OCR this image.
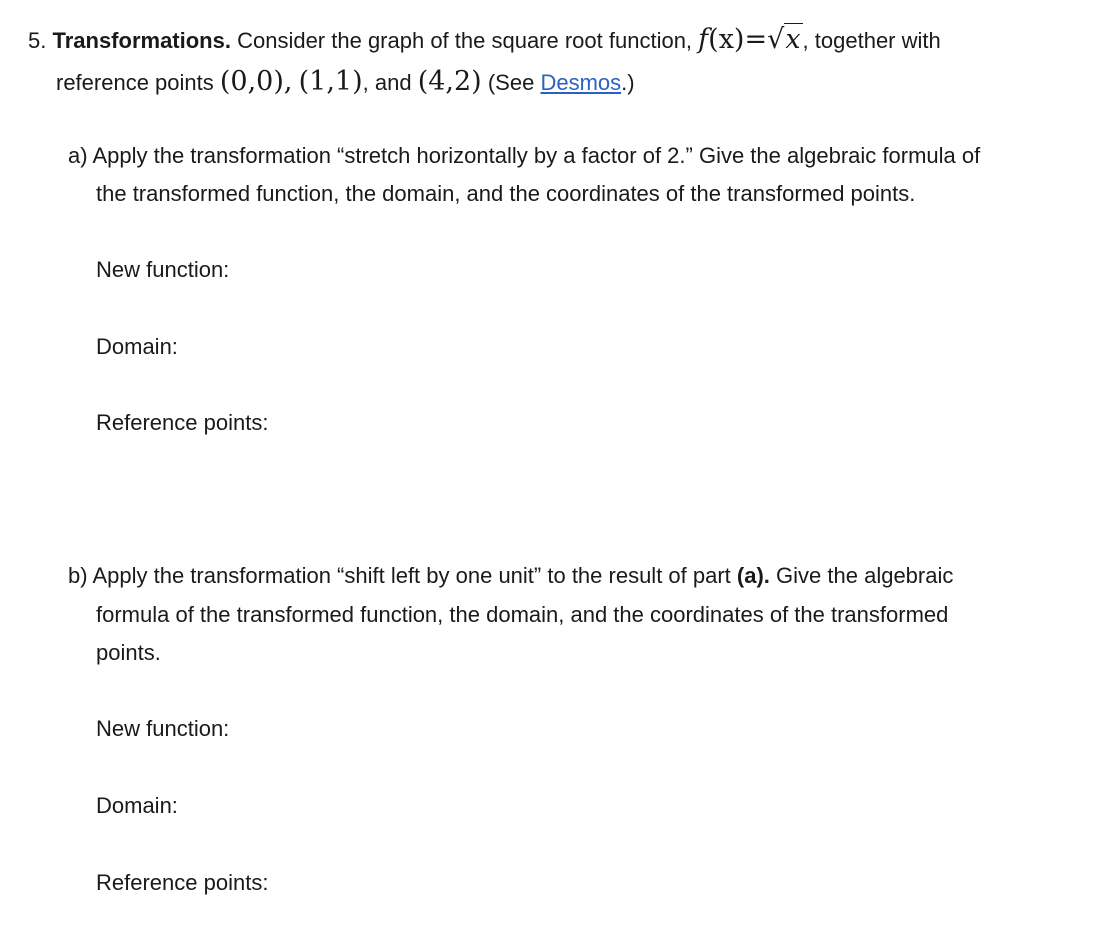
5. Transformations. Consider the graph of the square root function, f(x)=√x, together with
reference points (0,0), (1,1), and (4,2) (See Desmos.)
a) Apply the transformation “stretch horizontally by a factor of 2.” Give the algebraic formula of
the transformed function, the domain, and the coordinates of the transformed points.
New function:
Domain:
Reference points:
b) Apply the transformation “shift left by one unit” to the result of part (a). Give the algebraic
formula of the transformed function, the domain, and the coordinates of the transformed
points.
New function:
Domain:
Reference points:
